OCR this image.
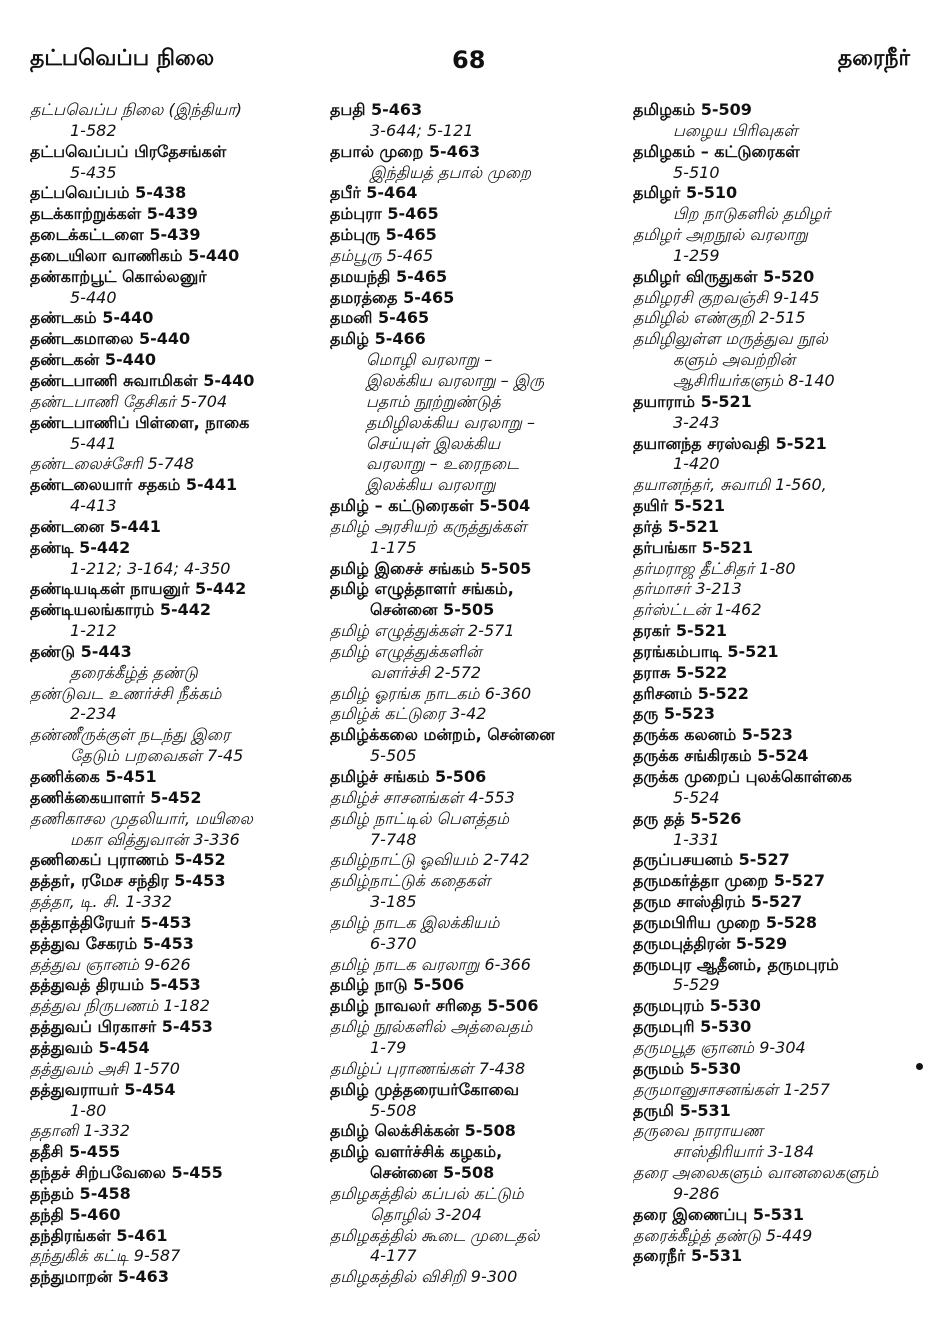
தட்பவெப்ப நிலை	68	தரைநீர்
தட்பவெப்ப நிலை (இந்தியா)
1-582
தட்பவெப்பப் பிரதேசங்கள்
5-435
தட்பவெப்பம் 5-438
தடக்காற்றுக்கள் 5-439
தடைக்கட்டளை 5-439
தடையிலா வாணிகம் 5-440
தண்காற்பூட் கொல்லனுர்
5-440
தண்டகம் 5-440
தண்டகமாலை 5-440
தண்டகன் 5-440
தண்டபாணி சுவாமிகள் 5-440
தண்டபாணி தேசிகர் 5-704
தண்டபாணிப் பிள்ளை, நாகை
5-441
தண்டலைச்சேரி 5-748
தண்டலையார் சதகம் 5-441
4-413
தண்டனை 5-441
தண்டி 5-442
1-212; 3-164; 4-350
தண்டியடிகள் நாயனுர் 5-442
தண்டியலங்காரம் 5-442
1-212
தண்டு 5-443
தரைக்கீழ்த் தண்டு
தண்டுவட உணர்ச்சி நீக்கம்
2-234
தண்ணீருக்குள் நடந்து இரை
தேடும் பறவைகள் 7-45
தணிக்கை 5-451
தணிக்கையாளர் 5-452
தணிகாசல முதலியார், மயிலை
மகா வித்துவான் 3-336
தணிகைப் புராணம் 5-452
தத்தர், ரமேச சந்திர 5-453
தத்தா, டி. சி. 1-332
தத்தாத்திரேயர் 5-453
தத்துவ சேகரம் 5-453
தத்துவ ஞானம் 9-626
தத்துவத் திரயம் 5-453
தத்துவ நிருபணம் 1-182
தத்துவப் பிரகாசர் 5-453
தத்துவம் 5-454
தத்துவம் அசி 1-570
தத்துவராயர் 5-454
1-80
ததானி 1-332
ததீசி 5-455
தந்தச் சிற்பவேலை 5-455
தந்தம் 5-458
தந்தி 5-460
தந்திரங்கள் 5-461
தந்துகிக் கட்டி 9-587
தந்துமாறன் 5-463
தபதி 5-463
3-644; 5-121
தபால் முறை 5-463
இந்தியத் தபால் முறை
தபீர் 5-464
தம்புரா 5-465
தம்புரு 5-465
தம்பூரு 5-465
தமயந்தி 5-465
தமரத்தை 5-465
தமனி 5-465
தமிழ் 5-466
மொழி வரலாறு –
இலக்கிய வரலாறு – இரு
பதாம் நூற்றுண்டுத்
தமிழிலக்கிய வரலாறு –
செய்யுள் இலக்கிய
வரலாறு – உரைநடை
இலக்கிய வரலாறு
தமிழ் – கட்டுரைகள் 5-504
தமிழ் அரசியற் கருத்துக்கள்
1-175
தமிழ் இசைச் சங்கம் 5-505
தமிழ் எழுத்தாளர் சங்கம்,
சென்னை 5-505
தமிழ் எழுத்துக்கள் 2-571
தமிழ் எழுத்துக்களின்
வளர்ச்சி 2-572
தமிழ் ஓரங்க நாடகம் 6-360
தமிழ்க் கட்டுரை 3-42
தமிழ்க்கலை மன்றம், சென்னை
5-505
தமிழ்ச் சங்கம் 5-506
தமிழ்ச் சாசனங்கள் 4-553
தமிழ் நாட்டில் பௌத்தம்
7-748
தமிழ்நாட்டு ஓவியம் 2-742
தமிழ்நாட்டுக் கதைகள்
3-185
தமிழ் நாடக இலக்கியம்
6-370
தமிழ் நாடக வரலாறு 6-366
தமிழ் நாடு 5-506
தமிழ் நாவலர் சரிதை 5-506
தமிழ் நூல்களில் அத்வைதம்
1-79
தமிழ்ப் புராணங்கள் 7-438
தமிழ் முத்தரையர்கோவை
5-508
தமிழ் லெக்சிக்கன் 5-508
தமிழ் வளர்ச்சிக் கழகம்,
சென்னை 5-508
தமிழகத்தில் கப்பல் கட்டும்
தொழில் 3-204
தமிழகத்தில் கூடை முடைதல்
4-177
தமிழகத்தில் விசிறி 9-300
தமிழகம் 5-509
பழைய பிரிவுகள்
தமிழகம் – கட்டுரைகள்
5-510
தமிழர் 5-510
பிற நாடுகளில் தமிழர்
தமிழர் அறநூல் வரலாறு
1-259
தமிழர் விருதுகள் 5-520
தமிழரசி குறவஞ்சி 9-145
தமிழில் எண்குறி 2-515
தமிழிலுள்ள மருத்துவ நூல்
களும் அவற்றின்
ஆசிரியர்களும் 8-140
தயாராம் 5-521
3-243
தயானந்த சரஸ்வதி 5-521
1-420
தயானந்தர், சுவாமி 1-560,
தயிர் 5-521
தர்த் 5-521
தர்பங்கா 5-521
தர்மராஜ தீட்சிதர் 1-80
தர்மாசர் 3-213
தர்ஸ்ட்டன் 1-462
தரகர் 5-521
தரங்கம்பாடி 5-521
தராசு 5-522
தரிசனம் 5-522
தரு 5-523
தருக்க கலனம் 5-523
தருக்க சங்கிரகம் 5-524
தருக்க முறைப் புலக்கொள்கை
5-524
தரு தத் 5-526
1-331
தருப்பசயனம் 5-527
தருமகர்த்தா முறை 5-527
தரும சாஸ்திரம் 5-527
தருமபிரிய முறை 5-528
தருமபுத்திரன் 5-529
தருமபுர ஆதீனம், தருமபுரம்
5-529
தருமபுரம் 5-530
தருமபுரி 5-530
தருமபூத ஞானம் 9-304
தருமம் 5-530
தருமானுசாசனங்கள் 1-257
தருமி 5-531
தருவை நாராயண
சாஸ்திரியார் 3-184
தரை அலைகளும் வானலைகளும்
9-286
தரை இணைப்பு 5-531
தரைக்கீழ்த் தண்டு 5-449
தரைநீர் 5-531
